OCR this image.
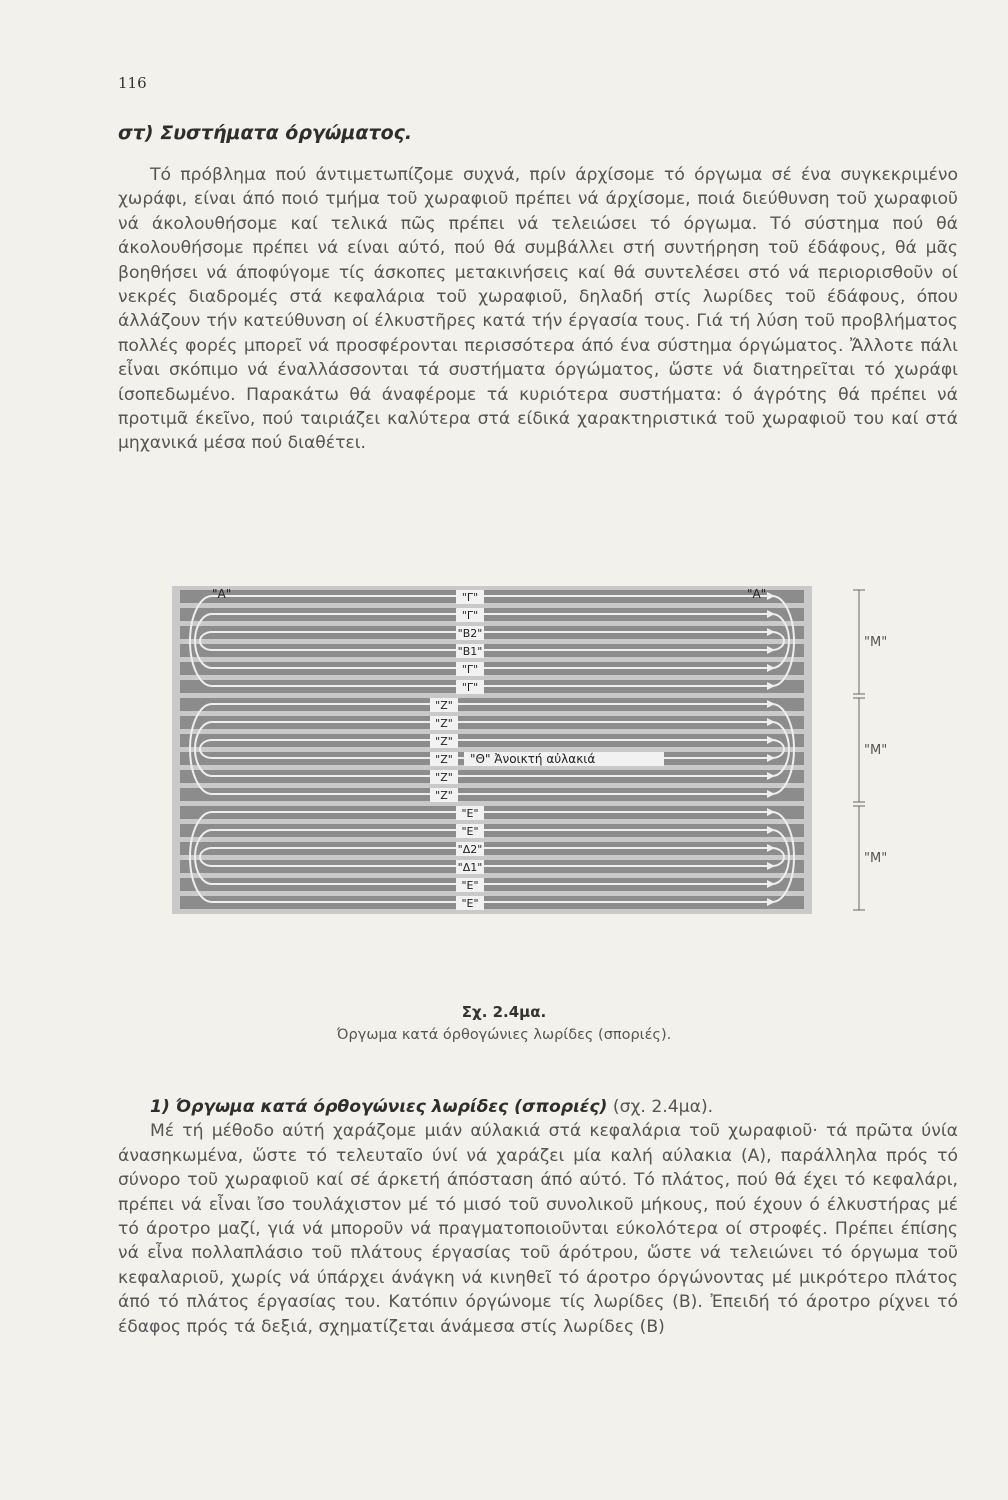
116
στ) Συστήματα όργώματος.

Τό πρόβλημα πού άντιμετωπίζομε συχνά, πρίν άρχίσομε τό όργωμα σέ ένα συγκεκριμένο χωράφι, είναι άπό ποιό τμήμα τοῦ χωραφιοῦ πρέπει νά άρχίσομε, ποιά διεύθυνση τοῦ χωραφιοῦ νά άκολουθήσομε καί τελικά πῶς πρέπει νά τελειώσει τό όργωμα. Τό σύστημα πού θά άκολουθήσομε πρέπει νά είναι αύτό, πού θά συμβάλλει στή συντήρηση τοῦ έδάφους, θά μᾶς βοηθήσει νά άποφύγομε τίς άσκοπες μετακινήσεις καί θά συντελέσει στό νά περιορισθοῦν οί νεκρές διαδρομές στά κεφαλάρια τοῦ χωραφιοῦ, δηλαδή στίς λωρίδες τοῦ έδάφους, όπου άλλάζουν τήν κατεύθυνση οί έλκυστῆρες κατά τήν έργασία τους. Γιά τή λύση τοῦ προβλήματος πολλές φορές μπορεῖ νά προσφέρονται περισσότερα άπό ένα σύστημα όργώματος. Ἄλλοτε πάλι εἶναι σκόπιμο νά έναλλάσσονται τά συστήματα όργώματος, ὥστε νά διατηρεῖται τό χωράφι ίσοπεδωμένο. Παρακάτω θά άναφέρομε τά κυριότερα συστήματα: ό άγρότης θά πρέπει νά προτιμᾶ έκεῖνο, πού ταιριάζει καλύτερα στά είδικά χαρακτηριστικά τοῦ χωραφιοῦ του καί στά μηχανικά μέσα πού διαθέτει.

"Α"	"Α"
"Γ"
"Γ"
"Β2"
"Β1"
"Γ"
"Γ"
"Ζ"
"Ζ"
"Ζ"
"Ζ"
"Ζ"
"Ζ"
"Ε"
"Ε"
"Δ2"
"Δ1"
"Ε"
"Ε"
"Θ" Ἀνοικτή αὐλακιά
"Μ"
"Μ"
"Μ"
Σχ. 2.4μα.
Όργωμα κατά όρθογώνιες λωρίδες (σποριές).

1) Όργωμα κατά όρθογώνιες λωρίδες (σποριές) (σχ. 2.4μα).

Μέ τή μέθοδο αύτή χαράζομε μιάν αύλακιά στά κεφαλάρια τοῦ χωραφιοῦ· τά πρῶτα ύνία άνασηκωμένα, ὥστε τό τελευταῖο ύνί νά χαράζει μία καλή αύλακια (Α), παράλληλα πρός τό σύνορο τοῦ χωραφιοῦ καί σέ άρκετή άπόσταση άπό αύτό. Τό πλάτος, πού θά έχει τό κεφαλάρι, πρέπει νά εἶναι ἴσο τουλάχιστον μέ τό μισό τοῦ συνολικοῦ μήκους, πού έχουν ό έλκυστήρας μέ τό άροτρο μαζί, γιά νά μποροῦν νά πραγματοποιοῦνται εύκολότερα οί στροφές. Πρέπει έπίσης νά εἶνα πολλαπλάσιο τοῦ πλάτους έργασίας τοῦ άρότρου, ὥστε νά τελειώνει τό όργωμα τοῦ κεφαλαριοῦ, χωρίς νά ύπάρχει άνάγκη νά κινηθεῖ τό άροτρο όργώνοντας μέ μικρότερο πλάτος άπό τό πλάτος έργασίας του. Κατόπιν όργώνομε τίς λωρίδες (Β). Ἐπειδή τό άροτρο ρίχνει τό έδαφος πρός τά δεξιά, σχηματίζεται άνάμεσα στίς λωρίδες (Β)
